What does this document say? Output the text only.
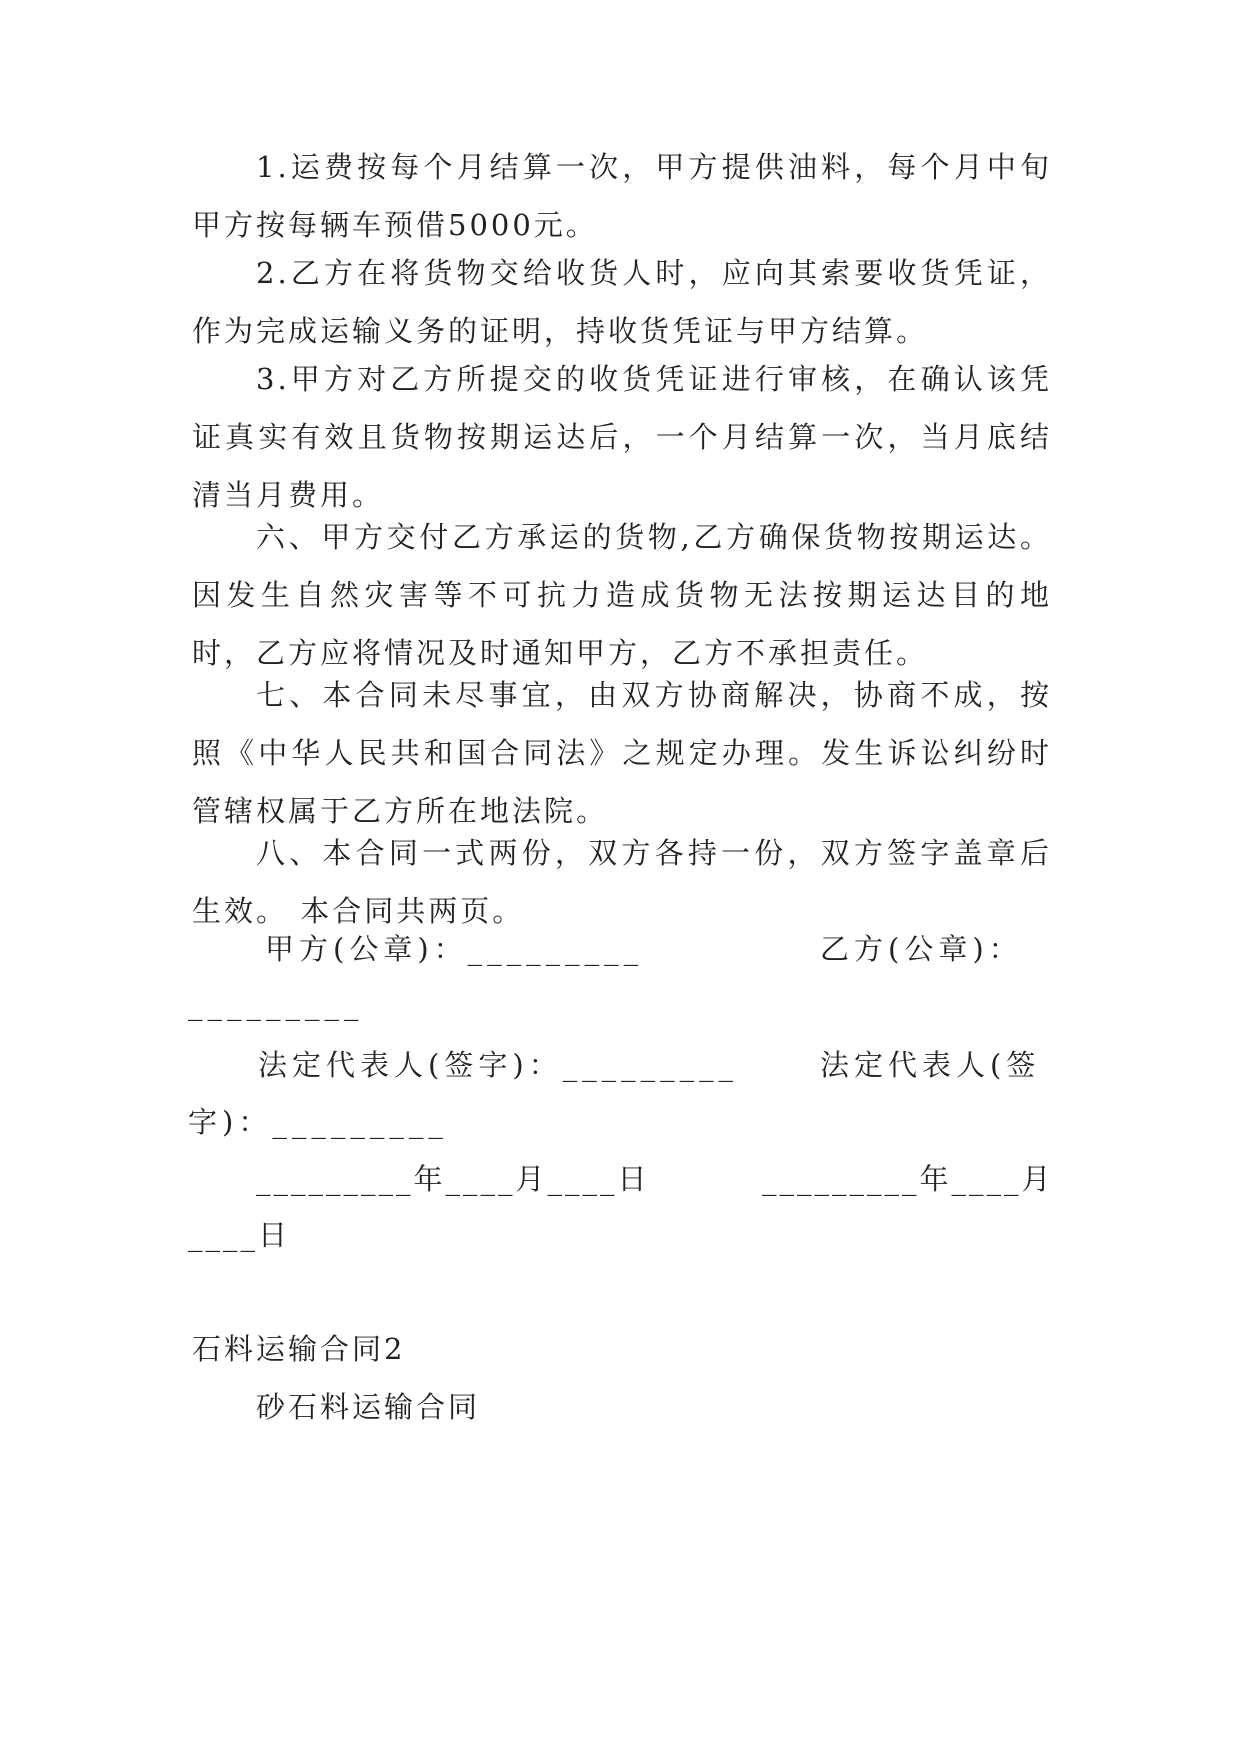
1.运费按每个月结算一次，甲方提供油料，每个月中旬甲方按每辆车预借5000元。

2.乙方在将货物交给收货人时，应向其索要收货凭证，作为完成运输义务的证明，持收货凭证与甲方结算。

3.甲方对乙方所提交的收货凭证进行审核，在确认该凭证真实有效且货物按期运达后，一个月结算一次，当月底结清当月费用。

六、甲方交付乙方承运的货物,乙方确保货物按期运达。因发生自然灾害等不可抗力造成货物无法按期运达目的地时，乙方应将情况及时通知甲方，乙方不承担责任。

七、本合同未尽事宜，由双方协商解决，协商不成，按照《中华人民共和国合同法》之规定办理。发生诉讼纠纷时管辖权属于乙方所在地法院。

八、本合同一式两份，双方各持一份，双方签字盖章后生效。 本合同共两页。

甲方(公章)：_________	乙方(公章)：
_________
法定代表人(签字)：_________	法定代表人(签
字)：_________
_________年____月____日	_________年____月
____日
石料运输合同2
砂石料运输合同
